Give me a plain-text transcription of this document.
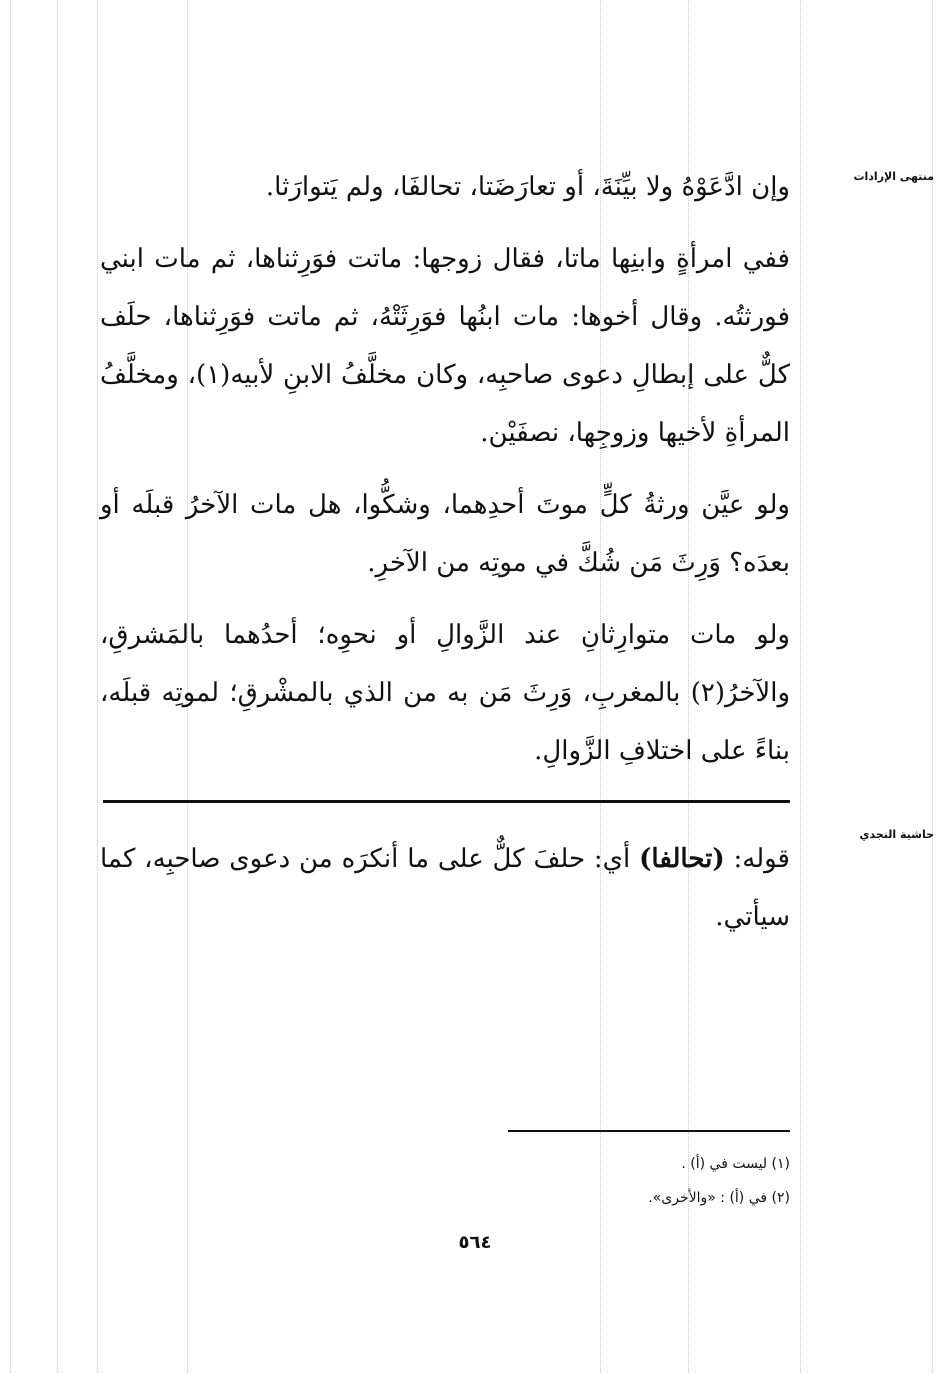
منتهى الإرادات
حاشية النجدي

وإن ادَّعَوْهُ ولا بيِّنَةَ، أو تعارَضَتا، تحالفَا، ولم يَتوارَثا.

ففي امرأةٍ وابنِها ماتا، فقال زوجها: ماتت فوَرِثناها، ثم مات ابني فورثتُه. وقال أخوها: مات ابنُها فوَرِثَتْهُ، ثم ماتت فوَرِثناها، حلَف كلٌّ على إبطالِ دعوى صاحبِه، وكان مخلَّفُ الابنِ لأبيه(١)، ومخلَّفُ المرأةِ لأخيها وزوجِها، نصفَيْن.

ولو عيَّن ورثةُ كلٍّ موتَ أحدِهما، وشكُّوا، هل مات الآخرُ قبلَه أو بعدَه؟ وَرِثَ مَن شُكَّ في موتِه من الآخرِ.

ولو مات متوارِثانِ عند الزَّوالِ أو نحوِه؛ أحدُهما بالمَشرقِ، والآخرُ(٢) بالمغربِ، وَرِثَ مَن به من الذي بالمشْرقِ؛ لموتِه قبلَه، بناءً على اختلافِ الزَّوالِ.

قوله: (تحالفا) أي: حلفَ كلٌّ على ما أنكرَه من دعوى صاحبِه، كما سيأتي.

(١) ليست في (أ) .
(٢) في (أ) : «والأخرى».
٥٦٤
